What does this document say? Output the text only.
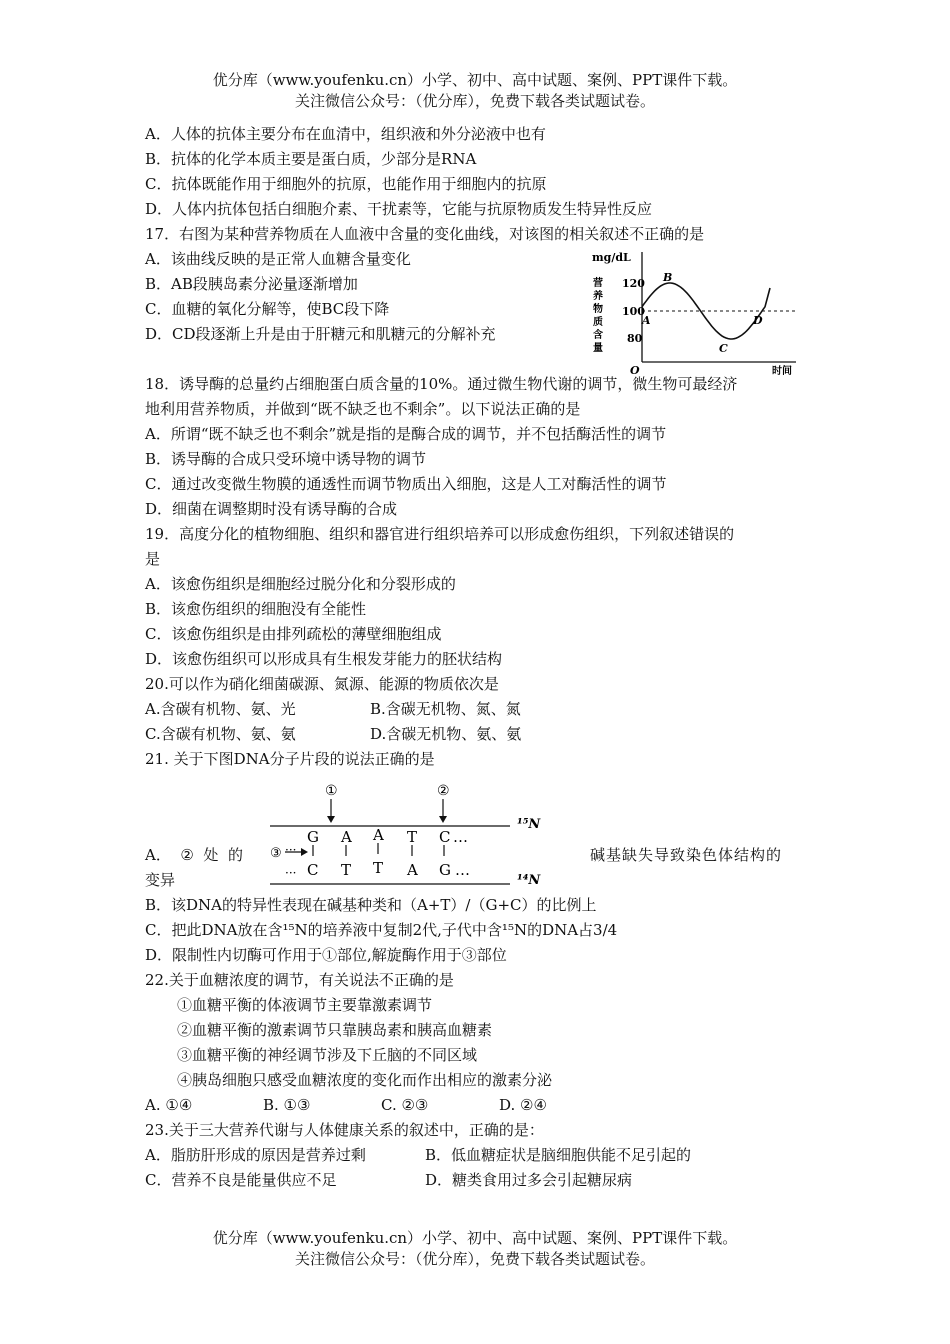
优分库（www.youfenku.cn）小学、初中、高中试题、案例、PPT课件下载。
关注微信公众号：（优分库），免费下载各类试题试卷。
A．人体的抗体主要分布在血清中，组织液和外分泌液中也有
B．抗体的化学本质主要是蛋白质，少部分是RNA
C．抗体既能作用于细胞外的抗原，也能作用于细胞内的抗原
D．人体内抗体包括白细胞介素、干扰素等，它能与抗原物质发生特异性反应
17．右图为某种营养物质在人血液中含量的变化曲线，对该图的相关叙述不正确的是
A．该曲线反映的是正常人血糖含量变化
B．AB段胰岛素分泌量逐渐增加
C．血糖的氧化分解等，使BC段下降
D．CD段逐渐上升是由于肝糖元和肌糖元的分解补充
18．诱导酶的总量约占细胞蛋白质含量的10%。通过微生物代谢的调节，微生物可最经济
地利用营养物质，并做到“既不缺乏也不剩余”。以下说法正确的是
A．所谓“既不缺乏也不剩余”就是指的是酶合成的调节，并不包括酶活性的调节
B．诱导酶的合成只受环境中诱导物的调节
C．通过改变微生物膜的通透性而调节物质出入细胞，这是人工对酶活性的调节
D．细菌在调整期时没有诱导酶的合成
19．高度分化的植物细胞、组织和器官进行组织培养可以形成愈伤组织，下列叙述错误的
是
A．该愈伤组织是细胞经过脱分化和分裂形成的
B．该愈伤组织的细胞没有全能性
C．该愈伤组织是由排列疏松的薄壁细胞组成
D．该愈伤组织可以形成具有生根发芽能力的胚状结构
20.可以作为硝化细菌碳源、氮源、能源的物质依次是
A.含碳有机物、氨、光	B.含碳无机物、氮、氮
C.含碳有机物、氨、氨	D.含碳无机物、氨、氨
21. 关于下图DNA分子片段的说法正确的是
A． ② 处 的	碱基缺失导致染色体结构的
变异
B．该DNA的特异性表现在碱基种类和（A+T）/（G+C）的比例上
C．把此DNA放在含¹⁵N的培养液中复制2代,子代中含¹⁵N的DNA占3/4
D．限制性内切酶可作用于①部位,解旋酶作用于③部位
22.关于血糖浓度的调节，有关说法不正确的是
①血糖平衡的体液调节主要靠激素调节
②血糖平衡的激素调节只靠胰岛素和胰高血糖素
③血糖平衡的神经调节涉及下丘脑的不同区域
④胰岛细胞只感受血糖浓度的变化而作出相应的激素分泌
A. ①④	B. ①③	C. ②③	D. ②④
23.关于三大营养代谢与人体健康关系的叙述中，正确的是：
A．脂肪肝形成的原因是营养过剩	B．低血糖症状是脑细胞供能不足引起的
C．营养不良是能量供应不足	D．糖类食用过多会引起糖尿病
mg/dL
营
养
物
质
含
量
120
100
80
A
B
C
D
O	时间
①	②
G A A T C …
③ ···
··· C T T A G …
¹⁵N
¹⁴N
优分库（www.youfenku.cn）小学、初中、高中试题、案例、PPT课件下载。
关注微信公众号：（优分库），免费下载各类试题试卷。
